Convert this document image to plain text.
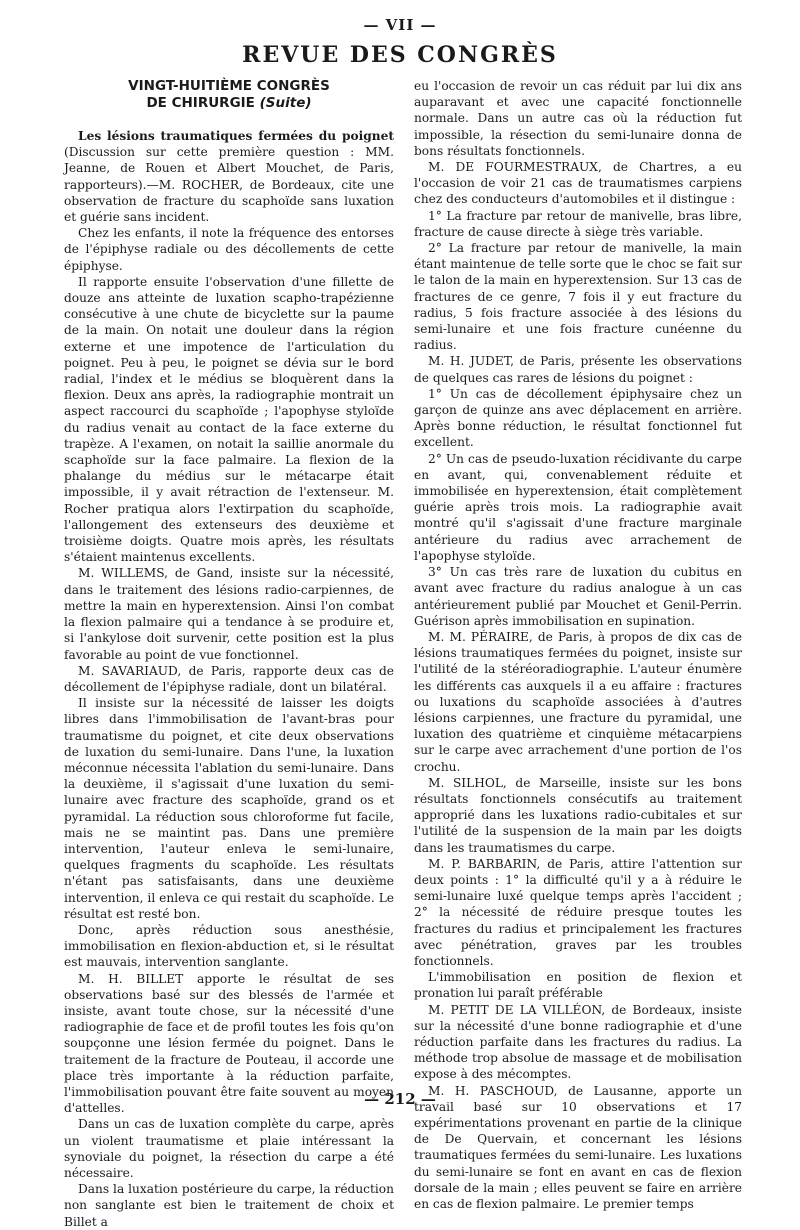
— VII —
REVUE DES CONGRÈS
VINGT-HUITIÈME CONGRÈS
DE CHIRURGIE (Suite)

Les lésions traumatiques fermées du poignet (Discussion sur cette première question : MM. Jeanne, de Rouen et Albert Mouchet, de Paris, rapporteurs).—M. ROCHER, de Bordeaux, cite une observation de fracture du scaphoïde sans luxation et guérie sans incident.

Chez les enfants, il note la fréquence des entorses de l'épiphyse radiale ou des décollements de cette épiphyse.

Il rapporte ensuite l'observation d'une fillette de douze ans atteinte de luxation scapho-trapézienne consécutive à une chute de bicyclette sur la paume de la main. On notait une douleur dans la région externe et une impotence de l'articulation du poignet. Peu à peu, le poignet se dévia sur le bord radial, l'index et le médius se bloquèrent dans la flexion. Deux ans après, la radiographie montrait un aspect raccourci du scaphoïde ; l'apophyse styloïde du radius venait au contact de la face externe du trapèze. A l'examen, on notait la saillie anormale du scaphoïde sur la face palmaire. La flexion de la phalange du médius sur le métacarpe était impossible, il y avait rétraction de l'extenseur. M. Rocher pratiqua alors l'extirpation du scaphoïde, l'allongement des extenseurs des deuxième et troisième doigts. Quatre mois après, les résultats s'étaient maintenus excellents.

M. WILLEMS, de Gand, insiste sur la nécessité, dans le traitement des lésions radio-carpiennes, de mettre la main en hyperextension. Ainsi l'on combat la flexion palmaire qui a tendance à se produire et, si l'ankylose doit survenir, cette position est la plus favorable au point de vue fonctionnel.

M. SAVARIAUD, de Paris, rapporte deux cas de décollement de l'épiphyse radiale, dont un bilatéral.

Il insiste sur la nécessité de laisser les doigts libres dans l'immobilisation de l'avant-bras pour traumatisme du poignet, et cite deux observations de luxation du semi-lunaire. Dans l'une, la luxation méconnue nécessita l'ablation du semi-lunaire. Dans la deuxième, il s'agissait d'une luxation du semi-lunaire avec fracture des scaphoïde, grand os et pyramidal. La réduction sous chloroforme fut facile, mais ne se maintint pas. Dans une première intervention, l'auteur enleva le semi-lunaire, quelques fragments du scaphoïde. Les résultats n'étant pas satisfaisants, dans une deuxième intervention, il enleva ce qui restait du scaphoïde. Le résultat est resté bon.

Donc, après réduction sous anesthésie, immobilisation en flexion-abduction et, si le résultat est mauvais, intervention sanglante.

M. H. BILLET apporte le résultat de ses observations basé sur des blessés de l'armée et insiste, avant toute chose, sur la nécessité d'une radiographie de face et de profil toutes les fois qu'on soupçonne une lésion fermée du poignet. Dans le traitement de la fracture de Pouteau, il accorde une place très importante à la réduction parfaite, l'immobilisation pouvant être faite souvent au moyen d'attelles.

Dans un cas de luxation complète du carpe, après un violent traumatisme et plaie intéressant la synoviale du poignet, la résection du carpe a été nécessaire.

Dans la luxation postérieure du carpe, la réduction non sanglante est bien le traitement de choix et Billet a

eu l'occasion de revoir un cas réduit par lui dix ans auparavant et avec une capacité fonctionnelle normale. Dans un autre cas où la réduction fut impossible, la résection du semi-lunaire donna de bons résultats fonctionnels.

M. DE FOURMESTRAUX, de Chartres, a eu l'occasion de voir 21 cas de traumatismes carpiens chez des conducteurs d'automobiles et il distingue :

1° La fracture par retour de manivelle, bras libre, fracture de cause directe à siège très variable.

2° La fracture par retour de manivelle, la main étant maintenue de telle sorte que le choc se fait sur le talon de la main en hyperextension. Sur 13 cas de fractures de ce genre, 7 fois il y eut fracture du radius, 5 fois fracture associée à des lésions du semi-lunaire et une fois fracture cunéenne du radius.

M. H. JUDET, de Paris, présente les observations de quelques cas rares de lésions du poignet :

1° Un cas de décollement épiphysaire chez un garçon de quinze ans avec déplacement en arrière. Après bonne réduction, le résultat fonctionnel fut excellent.

2° Un cas de pseudo-luxation récidivante du carpe en avant, qui, convenablement réduite et immobilisée en hyperextension, était complètement guérie après trois mois. La radiographie avait montré qu'il s'agissait d'une fracture marginale antérieure du radius avec arrachement de l'apophyse styloïde.

3° Un cas très rare de luxation du cubitus en avant avec fracture du radius analogue à un cas antérieurement publié par Mouchet et Genil-Perrin. Guérison après immobilisation en supination.

M. M. PÉRAIRE, de Paris, à propos de dix cas de lésions traumatiques fermées du poignet, insiste sur l'utilité de la stéréoradiographie. L'auteur énumère les différents cas auxquels il a eu affaire : fractures ou luxations du scaphoïde associées à d'autres lésions carpiennes, une fracture du pyramidal, une luxation des quatrième et cinquième métacarpiens sur le carpe avec arrachement d'une portion de l'os crochu.

M. SILHOL, de Marseille, insiste sur les bons résultats fonctionnels consécutifs au traitement approprié dans les luxations radio-cubitales et sur l'utilité de la suspension de la main par les doigts dans les traumatismes du carpe.

M. P. BARBARIN, de Paris, attire l'attention sur deux points : 1° la difficulté qu'il y a à réduire le semi-lunaire luxé quelque temps après l'accident ; 2° la nécessité de réduire presque toutes les fractures du radius et principalement les fractures avec pénétration, graves par les troubles fonctionnels.

L'immobilisation en position de flexion et pronation lui paraît préférable

M. PETIT DE LA VILLÉON, de Bordeaux, insiste sur la nécessité d'une bonne radiographie et d'une réduction parfaite dans les fractures du radius. La méthode trop absolue de massage et de mobilisation expose à des mécomptes.

M. H. PASCHOUD, de Lausanne, apporte un travail basé sur 10 observations et 17 expérimentations provenant en partie de la clinique de De Quervain, et concernant les lésions traumatiques fermées du semi-lunaire. Les luxations du semi-lunaire se font en avant en cas de flexion dorsale de la main ; elles peuvent se faire en arrière en cas de flexion palmaire. Le premier temps

— 212 —
